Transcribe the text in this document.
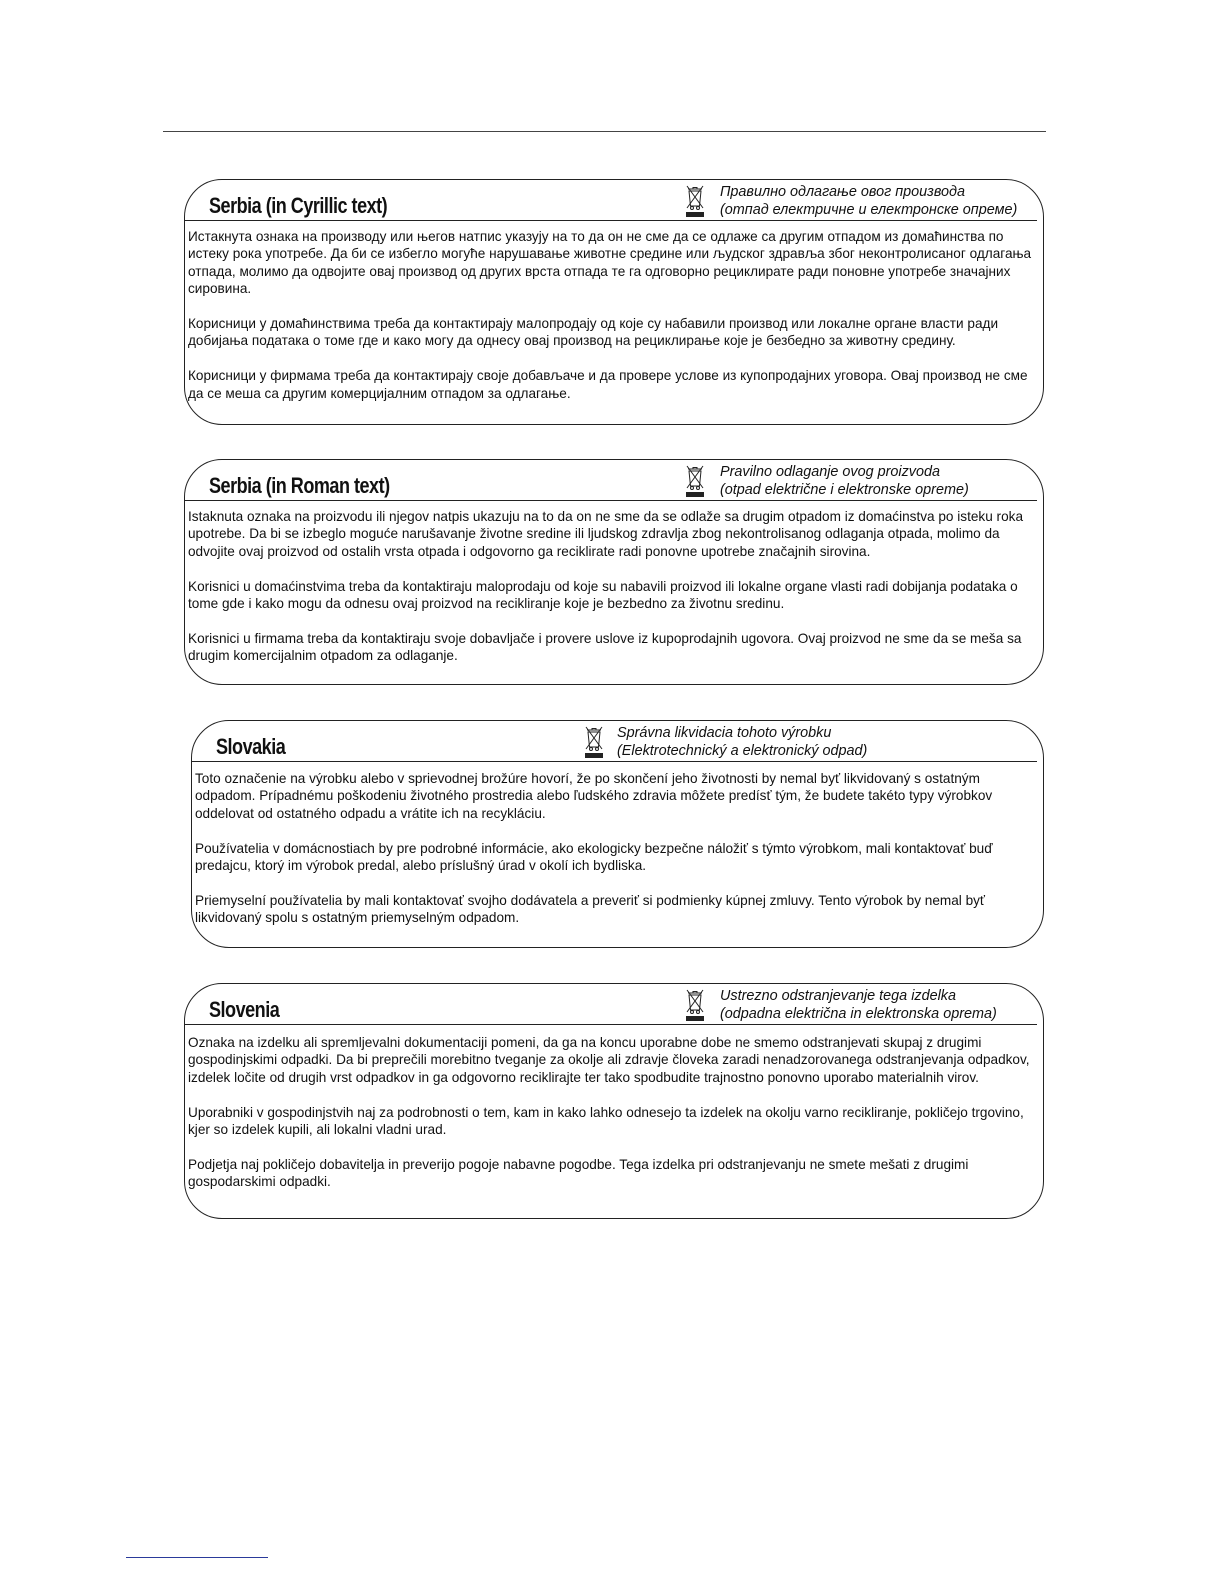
Serbia (in Cyrillic text)
Правилно одлагање овог производа
(отпад електричне и електронске опреме)

Истакнута ознака на производу или његов натпис указују на то да он не сме да се одлаже са другим отпадом из домаћинства по истеку рока употребе. Да би се избегло могуће нарушавање животне средине или људског здравља због неконтролисаног одлагања отпада, молимо да одвојите овај производ од других врста отпада те га одговорно рециклирате ради поновне употребе значајних сировина.

Корисници у домаћинствима треба да контактирају малопродају од које су набавили производ или локалне органе власти ради добијања података о томе где и како могу да однесу овај производ на рециклирање које је безбедно за животну средину.

Корисници у фирмама треба да контактирају своје добављаче и да провере услове из купопродајних уговора. Овај производ не сме да се меша са другим комерцијалним отпадом за одлагање.

Serbia (in Roman text)
Pravilno odlaganje ovog proizvoda
(otpad električne i elektronske opreme)

Istaknuta oznaka na proizvodu ili njegov natpis ukazuju na to da on ne sme da se odlaže sa drugim otpadom iz domaćinstva po isteku roka upotrebe. Da bi se izbeglo moguće narušavanje životne sredine ili ljudskog zdravlja zbog nekontrolisanog odlaganja otpada, molimo da odvojite ovaj proizvod od ostalih vrsta otpada i odgovorno ga reciklirate radi ponovne upotrebe značajnih sirovina.

Korisnici u domaćinstvima treba da kontaktiraju maloprodaju od koje su nabavili proizvod ili lokalne organe vlasti radi dobijanja podataka o tome gde i kako mogu da odnesu ovaj proizvod na recikliranje koje je bezbedno za životnu sredinu.

Korisnici u firmama treba da kontaktiraju svoje dobavljače i provere uslove iz kupoprodajnih ugovora. Ovaj proizvod ne sme da se meša sa drugim komercijalnim otpadom za odlaganje.

Slovakia
Správna likvidacia tohoto výrobku
(Elektrotechnický a elektronický odpad)

Toto označenie na výrobku alebo v sprievodnej brožúre hovorí, že po skončení jeho životnosti by nemal byť likvidovaný s ostatným odpadom. Prípadnému poškodeniu životného prostredia alebo ľudského zdravia môžete predísť tým, že budete takéto typy výrobkov oddelovat od ostatného odpadu a vrátite ich na recykláciu.

Používatelia v domácnostiach by pre podrobné informácie, ako ekologicky bezpečne náložiť s týmto výrobkom, mali kontaktovať buď predajcu, ktorý im výrobok predal, alebo príslušný úrad v okolí ich bydliska.

Priemyselní používatelia by mali kontaktovať svojho dodávatela a preveriť si podmienky kúpnej zmluvy. Tento výrobok by nemal byť likvidovaný spolu s ostatným priemyselným odpadom.

Slovenia
Ustrezno odstranjevanje tega izdelka
(odpadna električna in elektronska oprema)

Oznaka na izdelku ali spremljevalni dokumentaciji pomeni, da ga na koncu uporabne dobe ne smemo odstranjevati skupaj z drugimi gospodinjskimi odpadki. Da bi preprečili morebitno tveganje za okolje ali zdravje človeka zaradi nenadzorovanega odstranjevanja odpadkov, izdelek ločite od drugih vrst odpadkov in ga odgovorno reciklirajte ter tako spodbudite trajnostno ponovno uporabo materialnih virov.

Uporabniki v gospodinjstvih naj za podrobnosti o tem, kam in kako lahko odnesejo ta izdelek na okolju varno recikliranje, pokličejo trgovino, kjer so izdelek kupili, ali lokalni vladni urad.

Podjetja naj pokličejo dobavitelja in preverijo pogoje nabavne pogodbe. Tega izdelka pri odstranjevanju ne smete mešati z drugimi gospodarskimi odpadki.
